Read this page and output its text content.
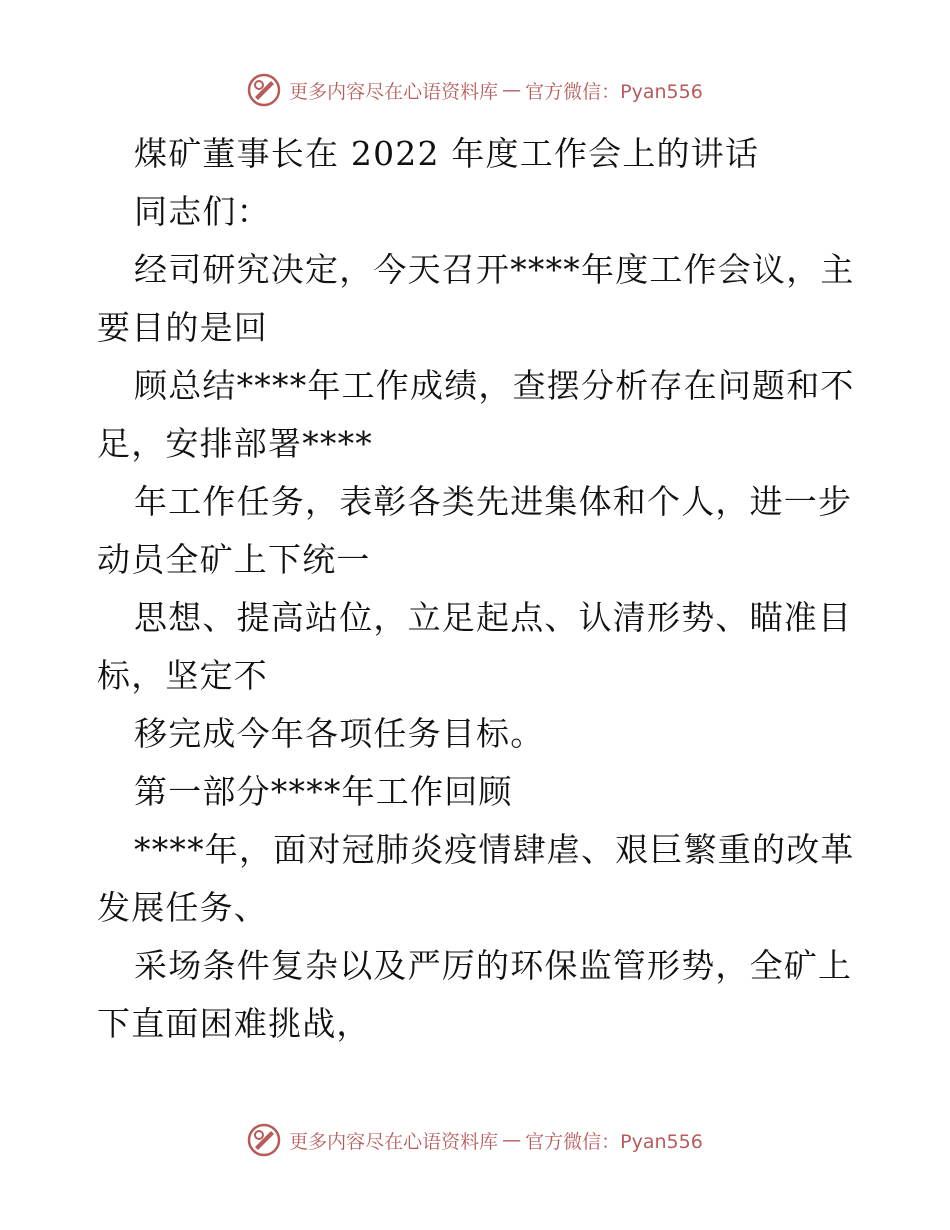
更多内容尽在心语资料库 — 官方微信：Pyan556

煤矿董事长在 2022 年度工作会上的讲话

同志们：

经司研究决定，今天召开****年度工作会议，主

要目的是回

顾总结****年工作成绩，查摆分析存在问题和不

足，安排部署****

年工作任务，表彰各类先进集体和个人，进一步

动员全矿上下统一

思想、提高站位，立足起点、认清形势、瞄准目

标，坚定不

移完成今年各项任务目标。

第一部分****年工作回顾

****年，面对冠肺炎疫情肆虐、艰巨繁重的改革

发展任务、

采场条件复杂以及严厉的环保监管形势，全矿上

下直面困难挑战，

更多内容尽在心语资料库 — 官方微信：Pyan556
